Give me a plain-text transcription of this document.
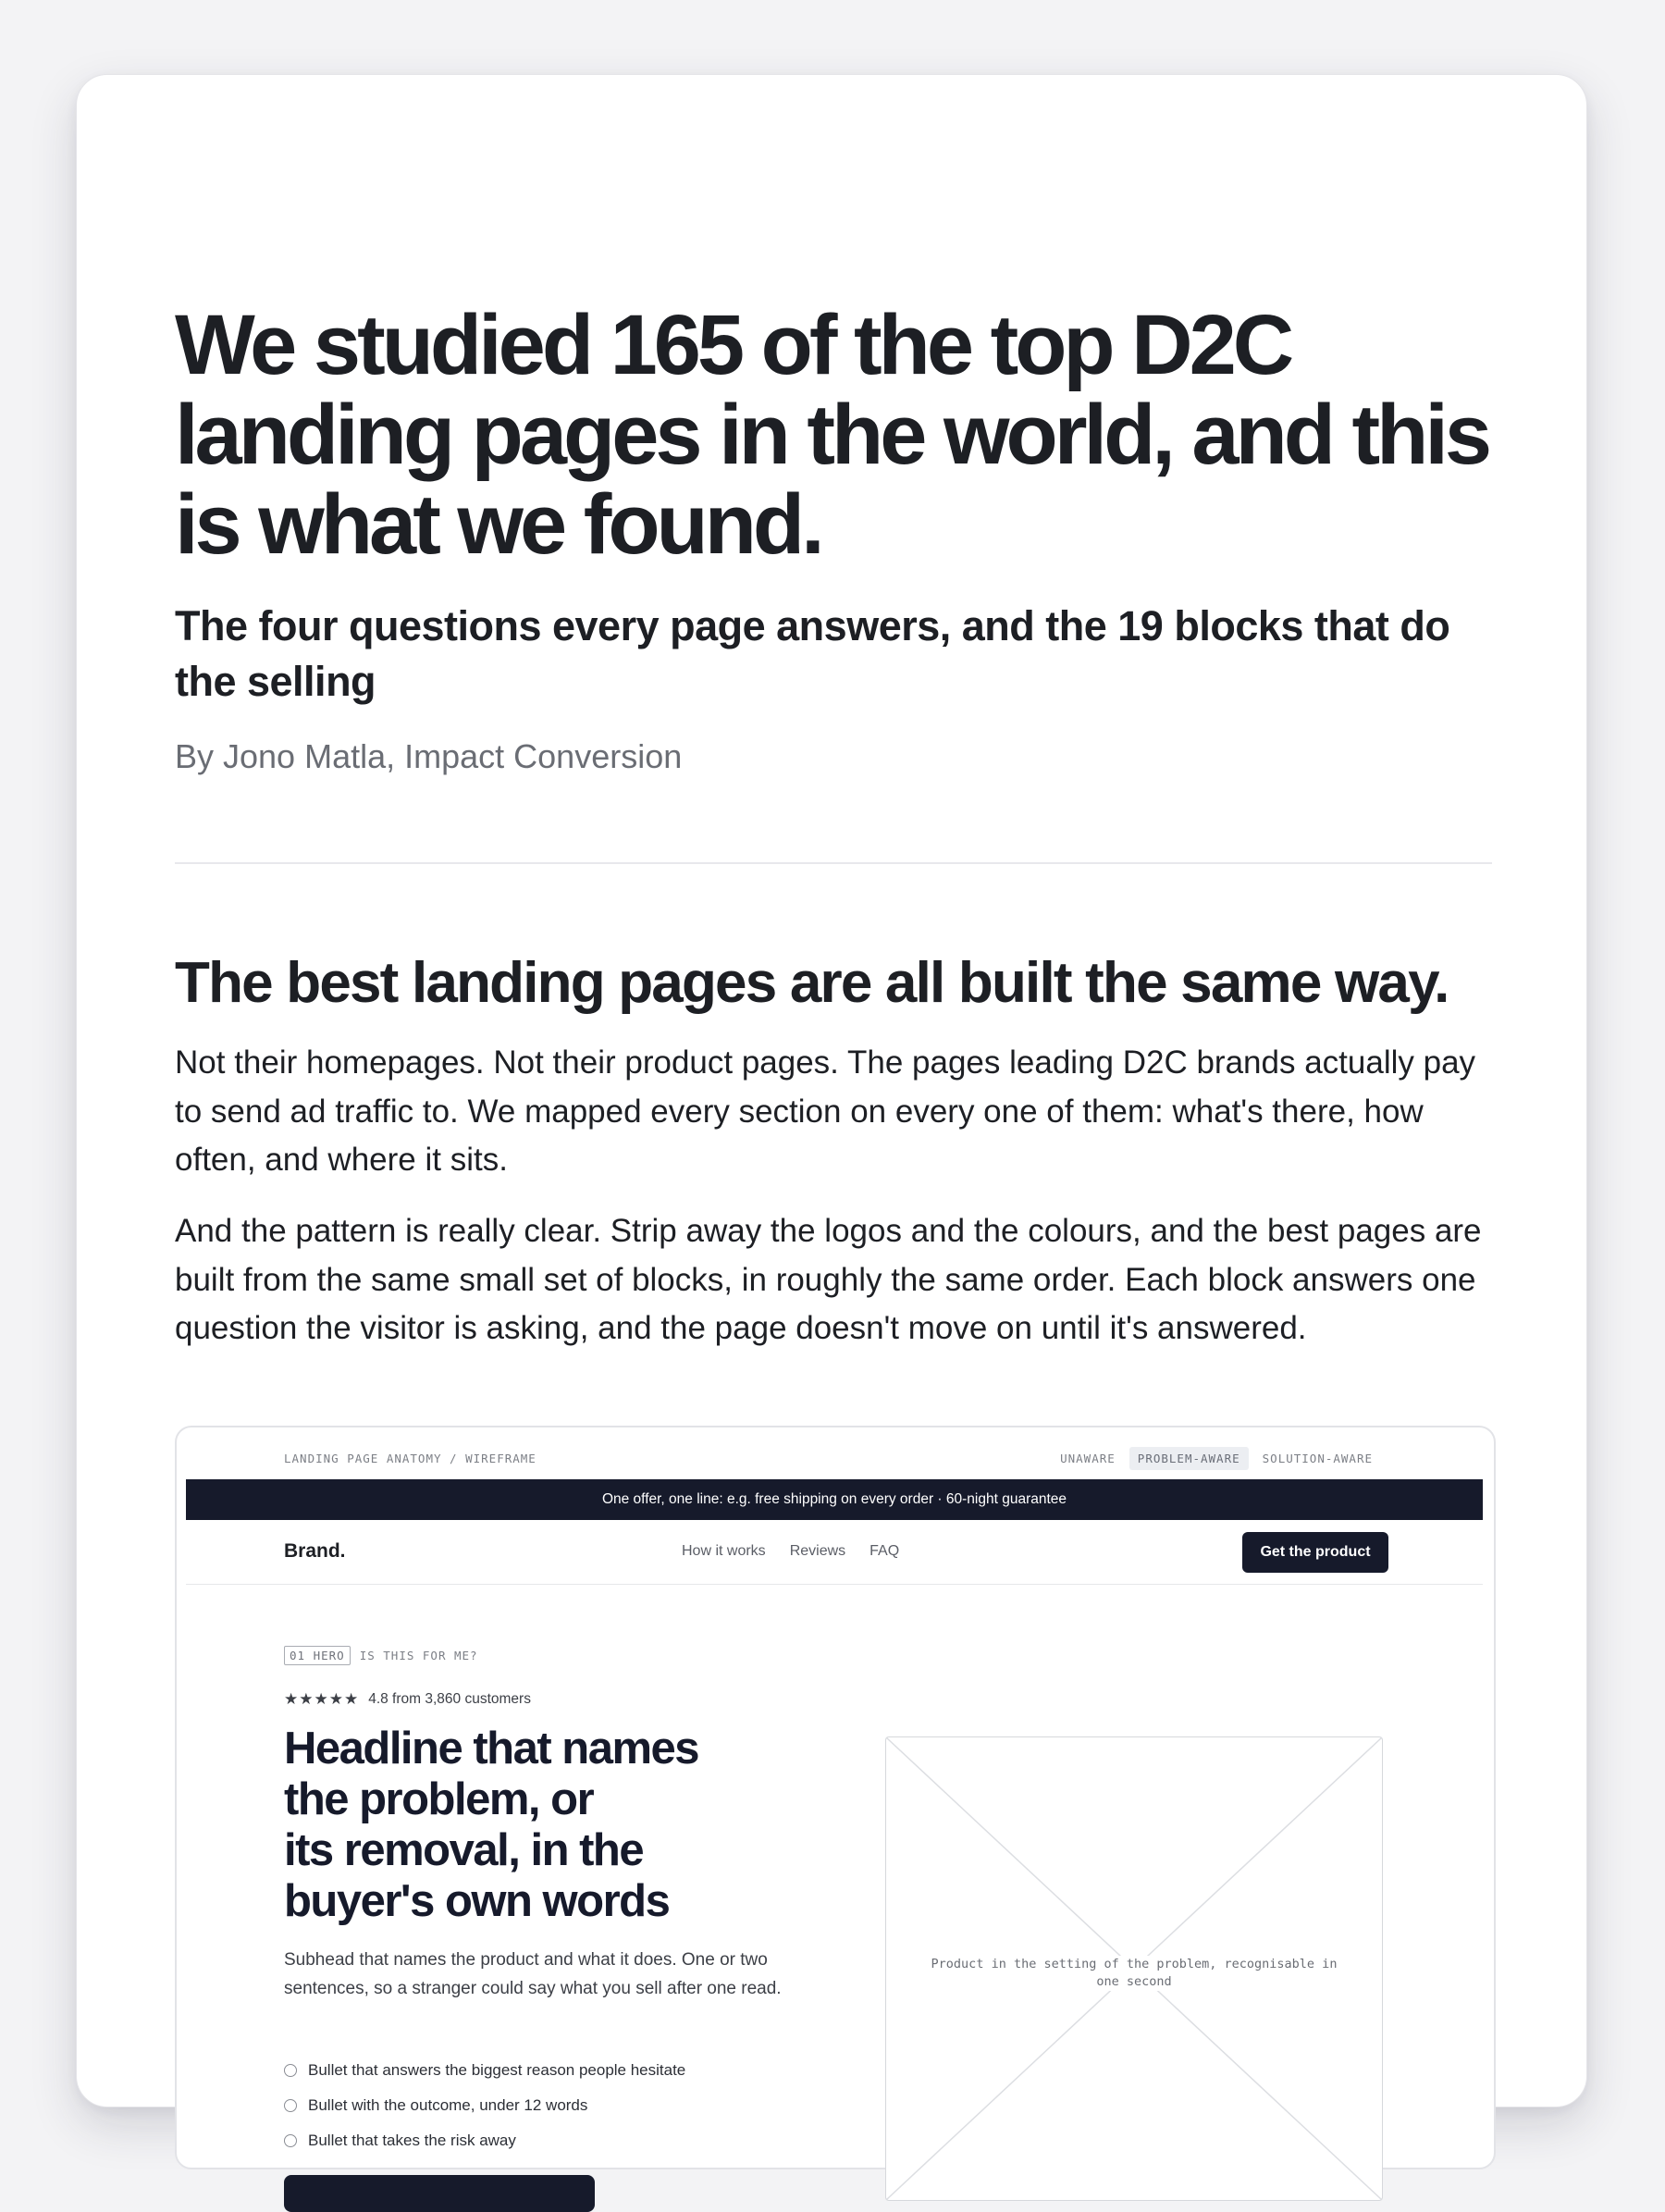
We studied 165 of the top D2C landing pages in the world, and this is what we found.

The four questions every page answers, and the 19 blocks that do the selling

By Jono Matla, Impact Conversion

The best landing pages are all built the same way.

Not their homepages. Not their product pages. The pages leading D2C brands actually pay to send ad traffic to. We mapped every section on every one of them: what's there, how often, and where it sits.

And the pattern is really clear. Strip away the logos and the colours, and the best pages are built from the same small set of blocks, in roughly the same order. Each block answers one question the visitor is asking, and the page doesn't move on until it's answered.

LANDING PAGE ANATOMY / WIREFRAME	UNAWARE	PROBLEM-AWARE	SOLUTION-AWARE
One offer, one line: e.g. free shipping on every order · 60-night guarantee
Brand.	How it works Reviews FAQ	Get the product
01 HERO	IS THIS FOR ME?
★★★★★ 4.8 from 3,860 customers
Headline that names
the problem, or
its removal, in the
buyer's own words

Subhead that names the product and what it does. One or two sentences, so a stranger could say what you sell after one read.

Bullet that answers the biggest reason people hesitate
Bullet with the outcome, under 12 words
Bullet that takes the risk away
Product in the setting of the problem, recognisable in one second
